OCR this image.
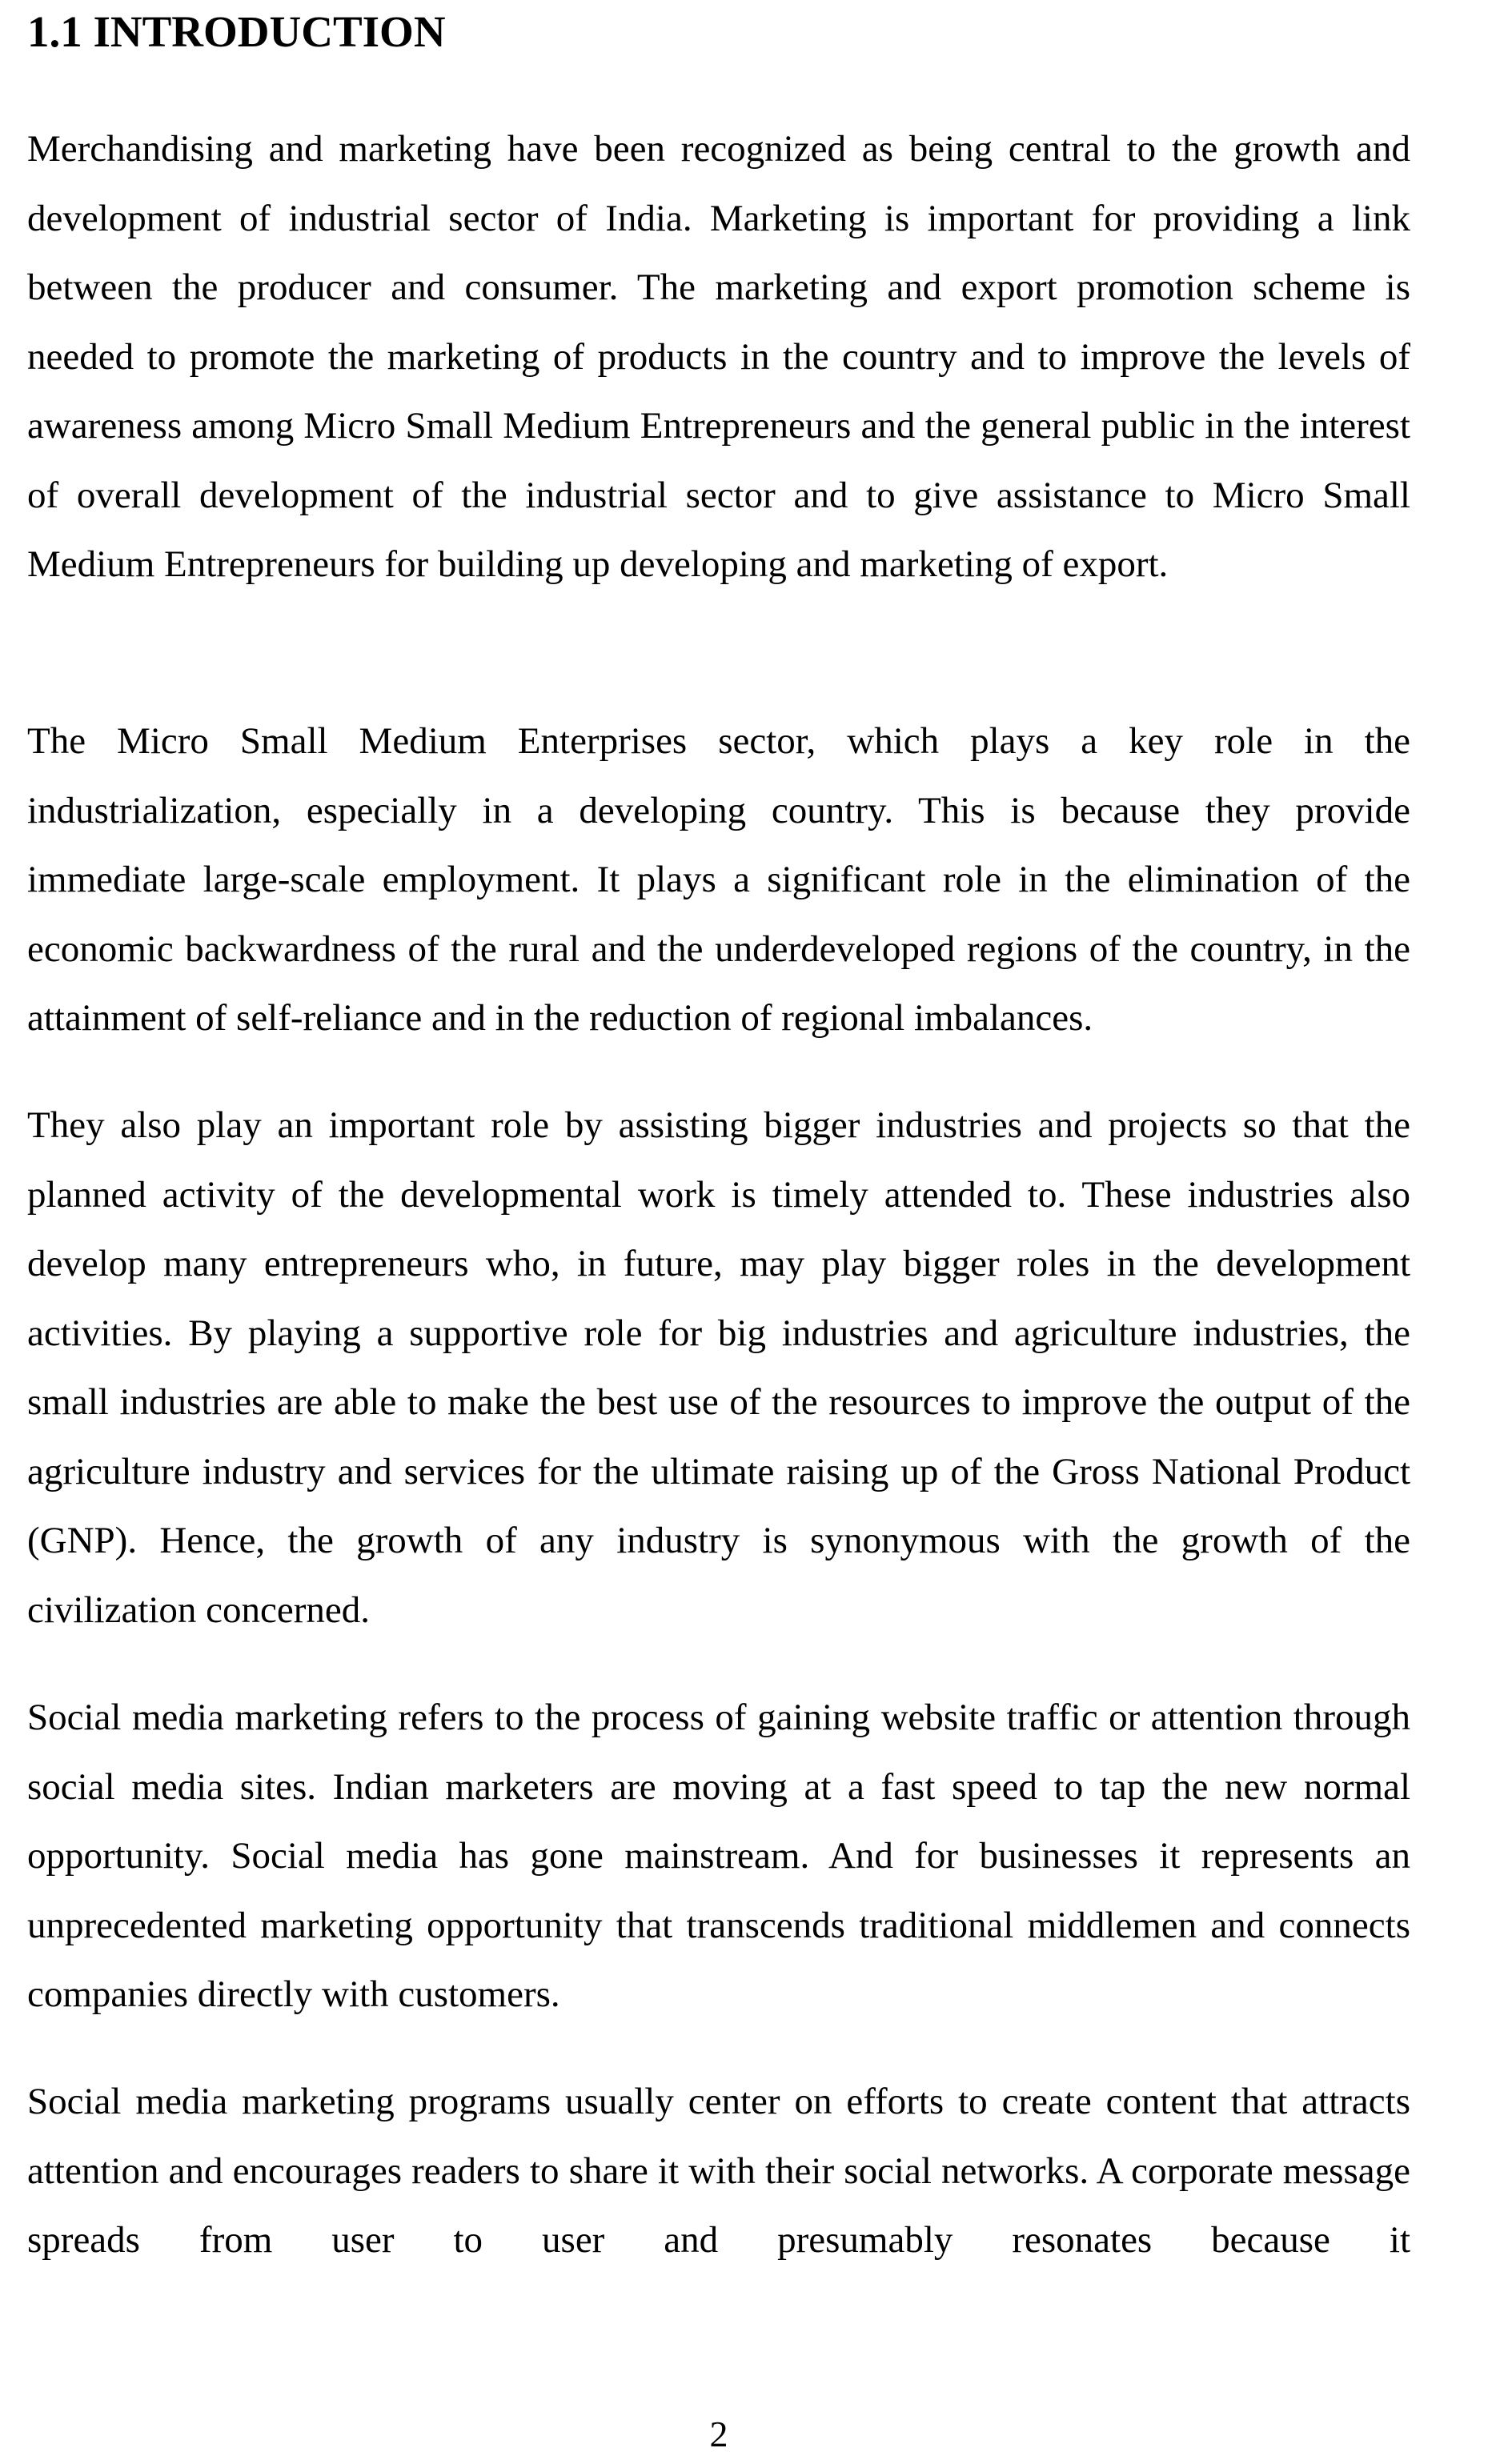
1.1 INTRODUCTION

Merchandising and marketing have been recognized as being central to the growth and development of industrial sector of India. Marketing is important for providing a link between the producer and consumer. The marketing and export promotion scheme is needed to promote the marketing of products in the country and to improve the levels of awareness among Micro Small Medium Entrepreneurs and the general public in the interest of overall development of the industrial sector and to give assistance to Micro Small Medium Entrepreneurs for building up developing and marketing of export.

The Micro Small Medium Enterprises sector, which plays a key role in the industrialization, especially in a developing country. This is because they provide immediate large-scale employment. It plays a significant role in the elimination of the economic backwardness of the rural and the underdeveloped regions of the country, in the attainment of self-reliance and in the reduction of regional imbalances.

They also play an important role by assisting bigger industries and projects so that the planned activity of the developmental work is timely attended to. These industries also develop many entrepreneurs who, in future, may play bigger roles in the development activities. By playing a supportive role for big industries and agriculture industries, the small industries are able to make the best use of the resources to improve the output of the agriculture industry and services for the ultimate raising up of the Gross National Product (GNP). Hence, the growth of any industry is synonymous with the growth of the civilization concerned.

Social media marketing refers to the process of gaining website traffic or attention through social media sites. Indian marketers are moving at a fast speed to tap the new normal opportunity. Social media has gone mainstream. And for businesses it represents an unprecedented marketing opportunity that transcends traditional middlemen and connects companies directly with customers.

Social media marketing programs usually center on efforts to create content that attracts attention and encourages readers to share it with their social networks. A corporate message spreads from user to user and presumably resonates because it

2
